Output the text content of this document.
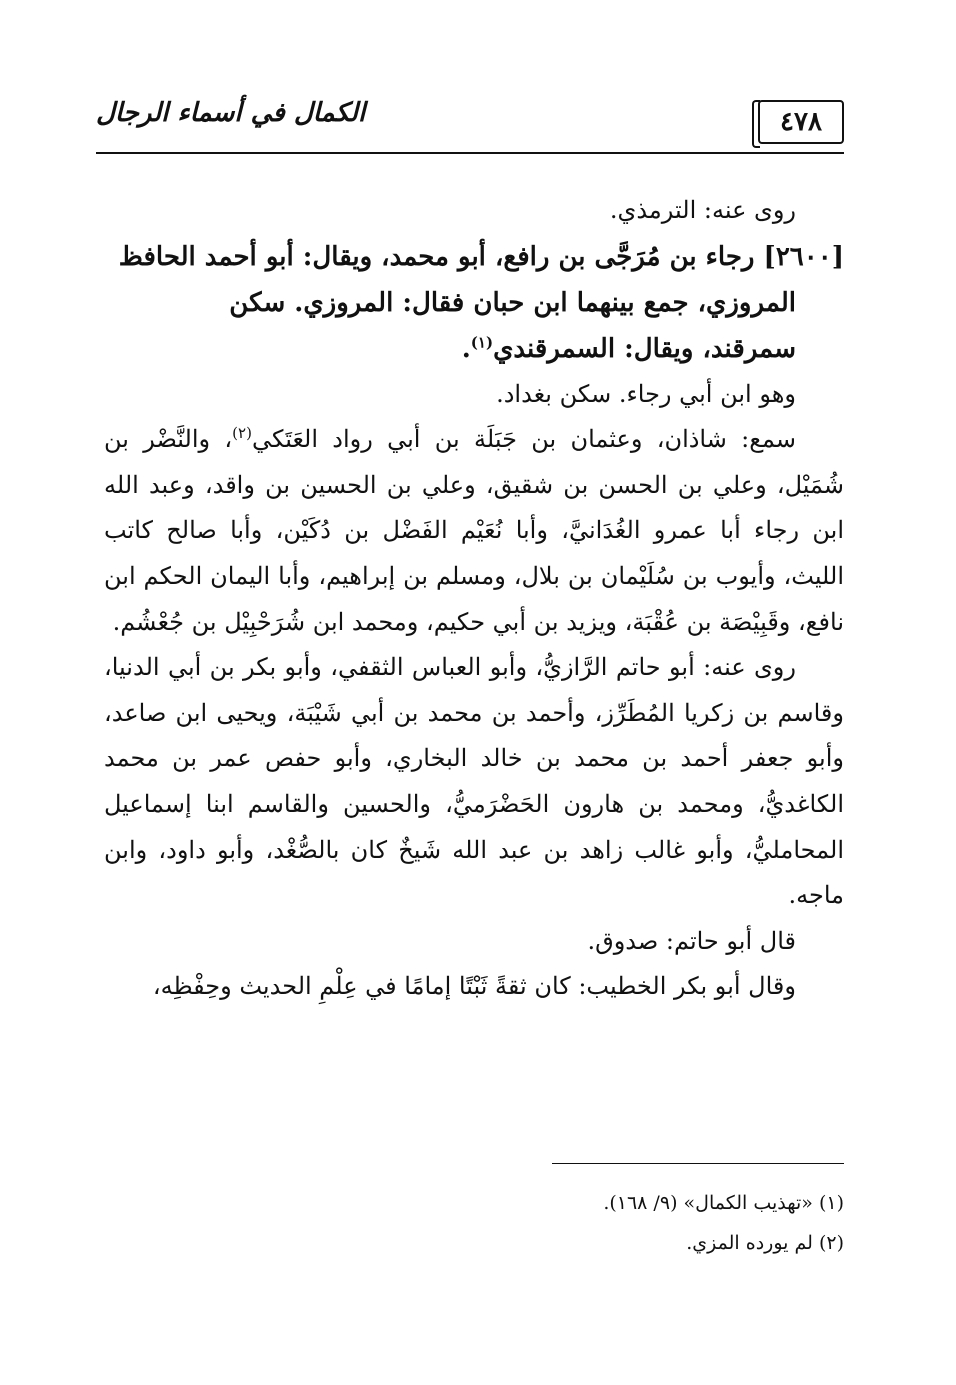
الكمال في أسماء الرجال	٤٧٨

روى عنه: الترمذي.

[٢٦٠٠] رجاء بن مُرَجَّى بن رافع، أبو محمد، ويقال: أبو أحمد الحافظ

المروزي، جمع بينهما ابن حبان فقال: المروزي. سكن

سمرقند، ويقال: السمرقندي$^{(١)}$.

وهو ابن أبي رجاء. سكن بغداد.

سمع: شاذان، وعثمان بن جَبَلَة بن أبي رواد العَتَكي$^{(٢)}$، والنَّضْر بن شُمَيْل، وعلي بن الحسن بن شقيق، وعلي بن الحسين بن واقد، وعبد الله ابن رجاء أبا عمرو الغُدَانيَّ، وأبا نُعَيْم الفَضْل بن دُكَيْن، وأبا صالح كاتب الليث، وأيوب بن سُلَيْمان بن بلال، ومسلم بن إبراهيم، وأبا اليمان الحكم ابن نافع، وقَبِيْصَة بن عُقْبَة، ويزيد بن أبي حكيم، ومحمد ابن شُرَحْبِيْل بن جُعْشُم.

روى عنه: أبو حاتم الرَّازيُّ، وأبو العباس الثقفي، وأبو بكر بن أبي الدنيا، وقاسم بن زكريا المُطَرِّز، وأحمد بن محمد بن أبي شَيْبَة، ويحيى ابن صاعد، وأبو جعفر أحمد بن محمد بن خالد البخاري، وأبو حفص عمر بن محمد الكاغديُّ، ومحمد بن هارون الحَضْرَميُّ، والحسين والقاسم ابنا إسماعيل المحامليُّ، وأبو غالب زاهد بن عبد الله شَيخٌ كان بالصُّغْد، وأبو داود، وابن ماجه.

قال أبو حاتم: صدوق.

وقال أبو بكر الخطيب: كان ثقةً ثَبْتًا إمامًا في عِلْمِ الحديث وحِفْظِه،

(١) «تهذيب الكمال» (٩/ ١٦٨).

(٢) لم يورده المزي.
